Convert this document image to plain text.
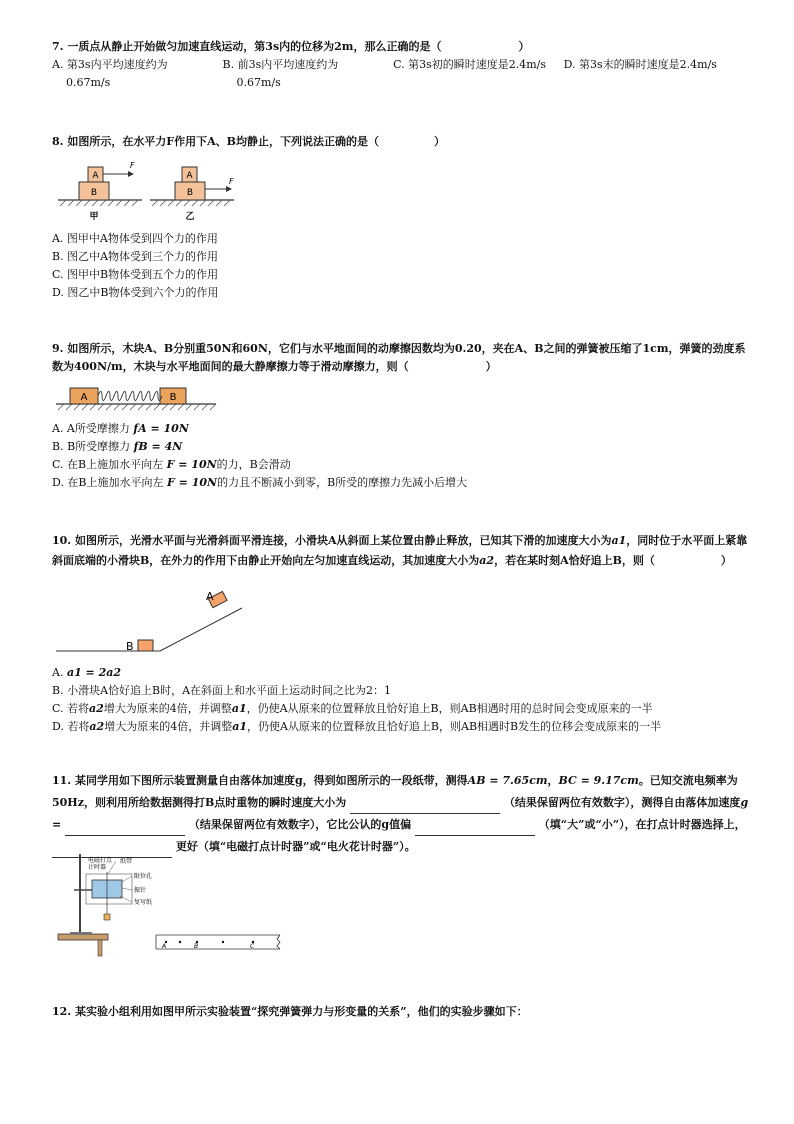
7. 一质点从静止开始做匀加速直线运动，第3s内的位移为2m，那么正确的是（　　　　　　　）
A. 第3s内平均速度约为
0.67m/s
B. 前3s内平均速度约为
0.67m/s
C. 第3s初的瞬时速度是2.4m/s	D. 第3s末的瞬时速度是2.4m/s
8. 如图所示，在水平力F作用下A、B均静止，下列说法正确的是（　　　　　）
A
B
F
甲
A
B
F
乙
A. 图甲中A物体受到四个力的作用
B. 图乙中A物体受到三个力的作用
C. 图甲中B物体受到五个力的作用
D. 图乙中B物体受到六个力的作用
9. 如图所示，木块A、B分别重50N和60N，它们与水平地面间的动摩擦因数均为0.20，夹在A、B之间的弹簧被压缩了1cm，弹簧的劲度系数为400N/m，木块与水平地面间的最大静摩擦力等于滑动摩擦力，则（　　　　　　　）
A	B
A. A所受摩擦力 fA = 10N
B. B所受摩擦力 fB = 4N
C. 在B上施加水平向左 F = 10N的力，B会滑动
D. 在B上施加水平向左 F = 10N的力且不断减小到零，B所受的摩擦力先减小后增大
10. 如图所示，光滑水平面与光滑斜面平滑连接，小滑块A从斜面上某位置由静止释放，已知其下滑的加速度大小为a1，同时位于水平面上紧靠斜面底端的小滑块B，在外力的作用下由静止开始向左匀加速直线运动，其加速度大小为a2，若在某时刻A恰好追上B，则（　　　　　　）
B
A
A. a1 = 2a2
B. 小滑块A恰好追上B时，A在斜面上和水平面上运动时间之比为2：1
C. 若将a2增大为原来的4倍，并调整a1，仍使A从原来的位置释放且恰好追上B，则AB相遇时用的总时间会变成原来的一半
D. 若将a2增大为原来的4倍，并调整a1，仍使A从原来的位置释放且恰好追上B，则AB相遇时B发生的位移会变成原来的一半
11. 某同学用如下图所示装置测量自由落体加速度g，得到如图所示的一段纸带，测得AB = 7.65cm，BC = 9.17cm。已知交流电频率为50Hz，则利用所给数据测得打B点时重物的瞬时速度大小为	（结果保留两位有效数字），测得自由落体加速度g =	（结果保留两位有效数字），它比公认的g值偏	（填“大”或“小”），在打点计时器选择上，  更好（填“电磁打点计时器”或“电火花计时器”）。
电磁打点
计时器
纸带
限位孔
振针
复写纸
A	B	C
12. 某实验小组利用如图甲所示实验装置“探究弹簧弹力与形变量的关系”，他们的实验步骤如下：
